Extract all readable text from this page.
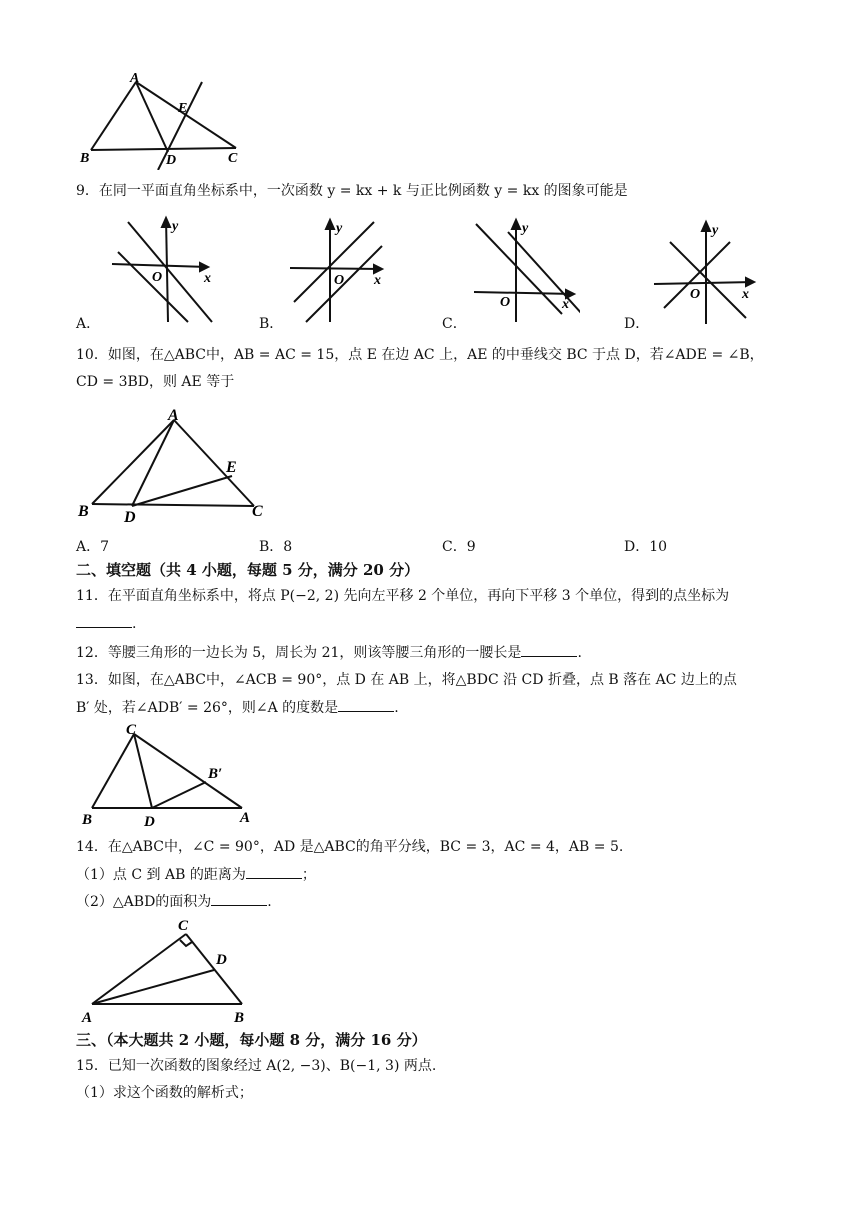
A
B	C
D
E
9．在同一平面直角坐标系中，一次函数 y = kx + k 与正比例函数 y = kx 的图象可能是
y
x
O
A．
y
x
O
B．
y
x
O
C．
y
x
O
D．
10．如图，在△ABC中，AB = AC = 15，点 E 在边 AC 上，AE 的中垂线交 BC 于点 D，若∠ADE = ∠B，
CD = 3BD，则 AE 等于
A
B	C
D
E
A．7	B．8	C．9	D．10
二、填空题（共 4 小题，每题 5 分，满分 20 分）
11．在平面直角坐标系中，将点 P(−2, 2) 先向左平移 2 个单位，再向下平移 3 个单位，得到的点坐标为
.
12．等腰三角形的一边长为 5，周长为 21，则该等腰三角形的一腰长是	.
13．如图，在△ABC中，∠ACB = 90°，点 D 在 AB 上，将△BDC 沿 CD 折叠，点 B 落在 AC 边上的点
B′ 处，若∠ADB′ = 26°，则∠A 的度数是	.
C
B′
B	D	A
14．在△ABC中，∠C = 90°，AD 是△ABC的角平分线，BC = 3，AC = 4，AB = 5.
（1）点 C 到 AB 的距离为	；
（2）△ABD的面积为	.
C
D
A	B
三、（本大题共 2 小题，每小题 8 分，满分 16 分）
15．已知一次函数的图象经过 A(2, −3)、B(−1, 3) 两点.
（1）求这个函数的解析式；
